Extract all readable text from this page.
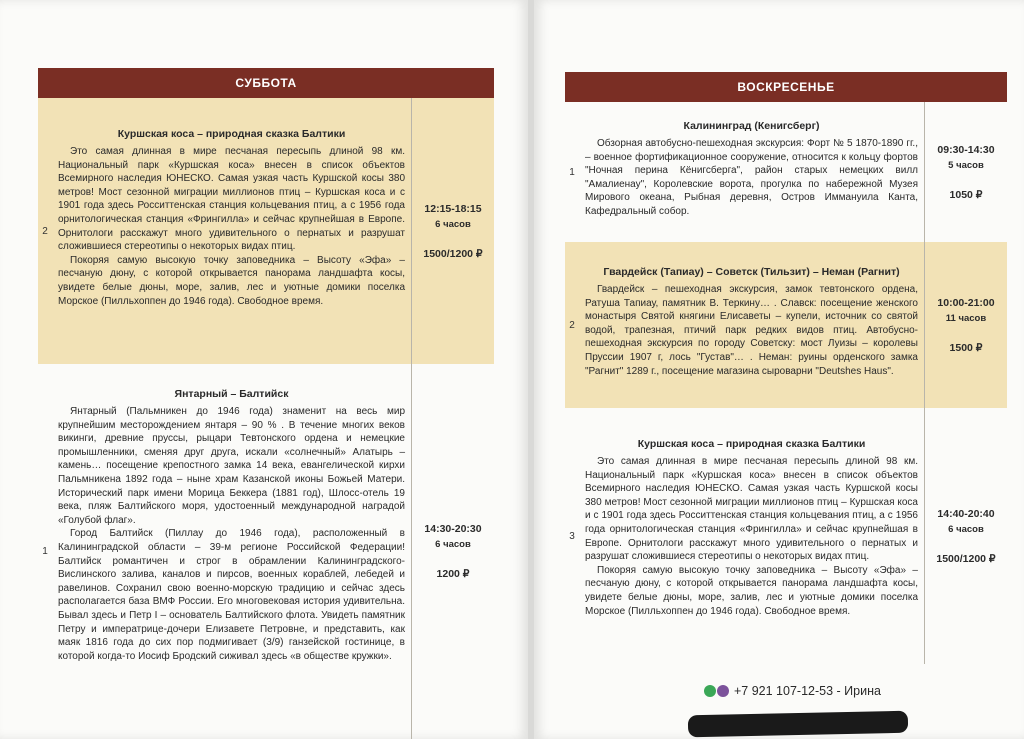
СУББОТА
2
Куршская коса – природная сказка Балтики

Это самая длинная в мире песчаная пересыпь длиной 98 км. Национальный парк «Куршская коса» внесен в список объектов Всемирного наследия ЮНЕСКО. Самая узкая часть Куршской косы 380 метров! Мост сезонной миграции миллионов птиц – Куршская коса и с 1901 года здесь Росситтенская станция кольцевания птиц, а с 1956 года орнитологическая станция «Фрингилла» и сейчас крупнейшая в Европе. Орнитологи расскажут много удивительного о пернатых и разрушат сложившиеся стереотипы о некоторых видах птиц.

Покоряя самую высокую точку заповедника – Высоту «Эфа» – песчаную дюну, с которой открывается панорама ландшафта косы, увидете белые дюны, море, залив, лес и уютные домики поселка Морское (Пилльхоппен до 1946 года). Свободное время.

12:15-18:15
6 часов
1500/1200 ₽
1
Янтарный – Балтийск

Янтарный (Пальмникен до 1946 года) знаменит на весь мир крупнейшим месторождением янтаря – 90 % . В течение многих веков викинги, древние пруссы, рыцари Тевтонского ордена и немецкие промышленники, сменяя друг друга, искали «солнечный» Алатырь – камень… посещение крепостного замка 14 века, евангелической кирхи Пальмникена 1892 года – ныне храм Казанской иконы Божьей Матери. Исторический парк имени Морица Беккера (1881 год), Шлосс-отель 19 века, пляж Балтийского моря, удостоенный международной наградой «Голубой флаг».

Город Балтийск (Пиллау до 1946 года), расположенный в Калининградской области – 39-м регионе Российской Федерации! Балтийск романтичен и строг в обрамлении Калининградского-Вислинского залива, каналов и пирсов, военных кораблей, лебедей и равелинов. Сохранил свою военно-морскую традицию и сейчас здесь располагается база ВМФ России. Его многовековая история удивительна. Бывал здесь и Петр I – основатель Балтийского флота. Увидеть памятник Петру и императрице-дочери Елизавете Петровне, и представить, как маяк 1816 года до сих пор подмигивает (3/9) ганзейской гостинице, в которой когда-то Иосиф Бродский сиживал здесь «в обществе кружки».

14:30-20:30
6 часов
1200 ₽
ВОСКРЕСЕНЬЕ
1
Калининград (Кенигсберг)

Обзорная автобусно-пешеходная экскурсия: Форт № 5 1870-1890 гг., – военное фортификационное сооружение, относится к кольцу фортов "Ночная перина Кёнигсберга", район старых немецких вилл "Амалиенау", Королевские ворота, прогулка по набережной Музея Мирового океана, Рыбная деревня, Остров Иммануила Канта, Кафедральный собор.

09:30-14:30
5 часов
1050 ₽
2
Гвардейск (Тапиау) – Советск (Тильзит) – Неман (Рагнит)

Гвардейск – пешеходная экскурсия, замок тевтонского ордена, Ратуша Тапиау, памятник В. Теркину… . Славск: посещение женского монастыря Святой княгини Елисаветы – купели, источник со святой водой, трапезная, птичий парк редких видов птиц. Автобусно-пешеходная экскурсия по городу Советску: мост Луизы – королевы Пруссии 1907 г, лось "Густав"… . Неман: руины орденского замка "Рагнит" 1289 г., посещение магазина сыроварни "Deutshes Haus".

10:00-21:00
11 часов
1500 ₽
3
Куршская коса – природная сказка Балтики

Это самая длинная в мире песчаная пересыпь длиной 98 км. Национальный парк «Куршская коса» внесен в список объектов Всемирного наследия ЮНЕСКО. Самая узкая часть Куршской косы 380 метров! Мост сезонной миграции миллионов птиц – Куршская коса и с 1901 года здесь Росситтенская станция кольцевания птиц, а с 1956 года орнитологическая станция «Фрингилла» и сейчас крупнейшая в Европе. Орнитологи расскажут много удивительного о пернатых и разрушат сложившиеся стереотипы о некоторых видах птиц.

Покоряя самую высокую точку заповедника – Высоту «Эфа» – песчаную дюну, с которой открывается панорама ландшафта косы, увидете белые дюны, море, залив, лес и уютные домики поселка Морское (Пилльхоппен до 1946 года). Свободное время.

14:40-20:40
6 часов
1500/1200 ₽
+7 921 107-12-53 - Ирина
